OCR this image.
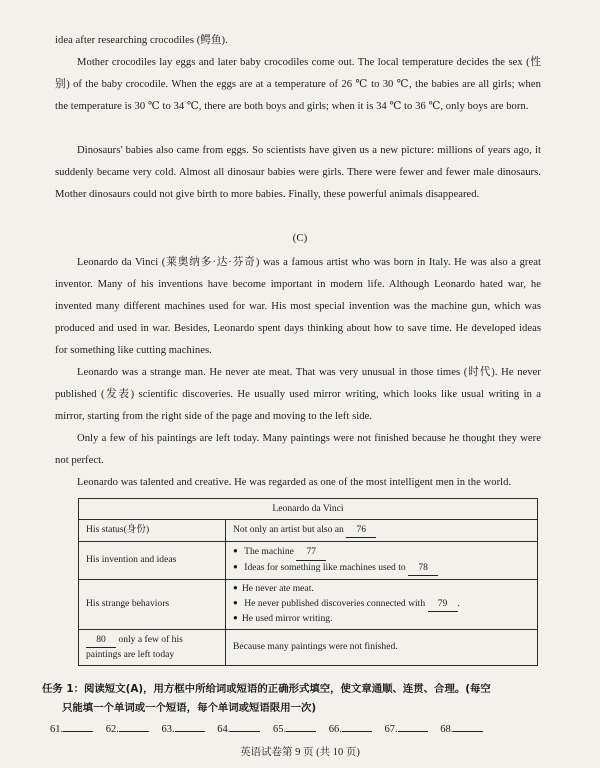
idea after researching crocodiles (鳄鱼).

Mother crocodiles lay eggs and later baby crocodiles come out. The local temperature decides the sex (性别) of the baby crocodile. When the eggs are at a temperature of 26 ℃ to 30 ℃, the babies are all girls; when the temperature is 30 ℃ to 34 ℃, there are both boys and girls; when it is 34 ℃ to 36 ℃, only boys are born.

Dinosaurs' babies also came from eggs. So scientists have given us a new picture: millions of years ago, it suddenly became very cold. Almost all dinosaur babies were girls. There were fewer and fewer male dinosaurs. Mother dinosaurs could not give birth to more babies. Finally, these powerful animals disappeared.

(C)

Leonardo da Vinci (莱奥纳多·达·芬奇) was a famous artist who was born in Italy. He was also a great inventor. Many of his inventions have become important in modern life. Although Leonardo hated war, he invented many different machines used for war. His most special invention was the machine gun, which was produced and used in war. Besides, Leonardo spent days thinking about how to save time. He developed ideas for something like cutting machines.

Leonardo was a strange man. He never ate meat. That was very unusual in those times (时代). He never published (发表) scientific discoveries. He usually used mirror writing, which looks like usual writing in a mirror, starting from the right side of the page and moving to the left side.

Only a few of his paintings are left today. Many paintings were not finished because he thought they were not perfect.

Leonardo was talented and creative. He was regarded as one of the most intelligent men in the world.

Leonardo da Vinci	
His status(身份)	Not only an artist but also an 76
His invention and ideas	● The machine 77
● Ideas for something like machines used to 78

His strange behaviors	● He never ate meat.
● He never published discoveries connected with 79 .
● He used mirror writing.

80 only a few of his paintings are left today	Because many paintings were not finished.

任务 1：阅读短文(A)，用方框中所给词或短语的正确形式填空，使文章通顺、连贯、合理。(每空
只能填一个单词或一个短语，每个单词或短语限用一次)

61.	62.	63.	64.	65.	66.	67.	68.
英语试卷第 9 页 (共 10 页)
